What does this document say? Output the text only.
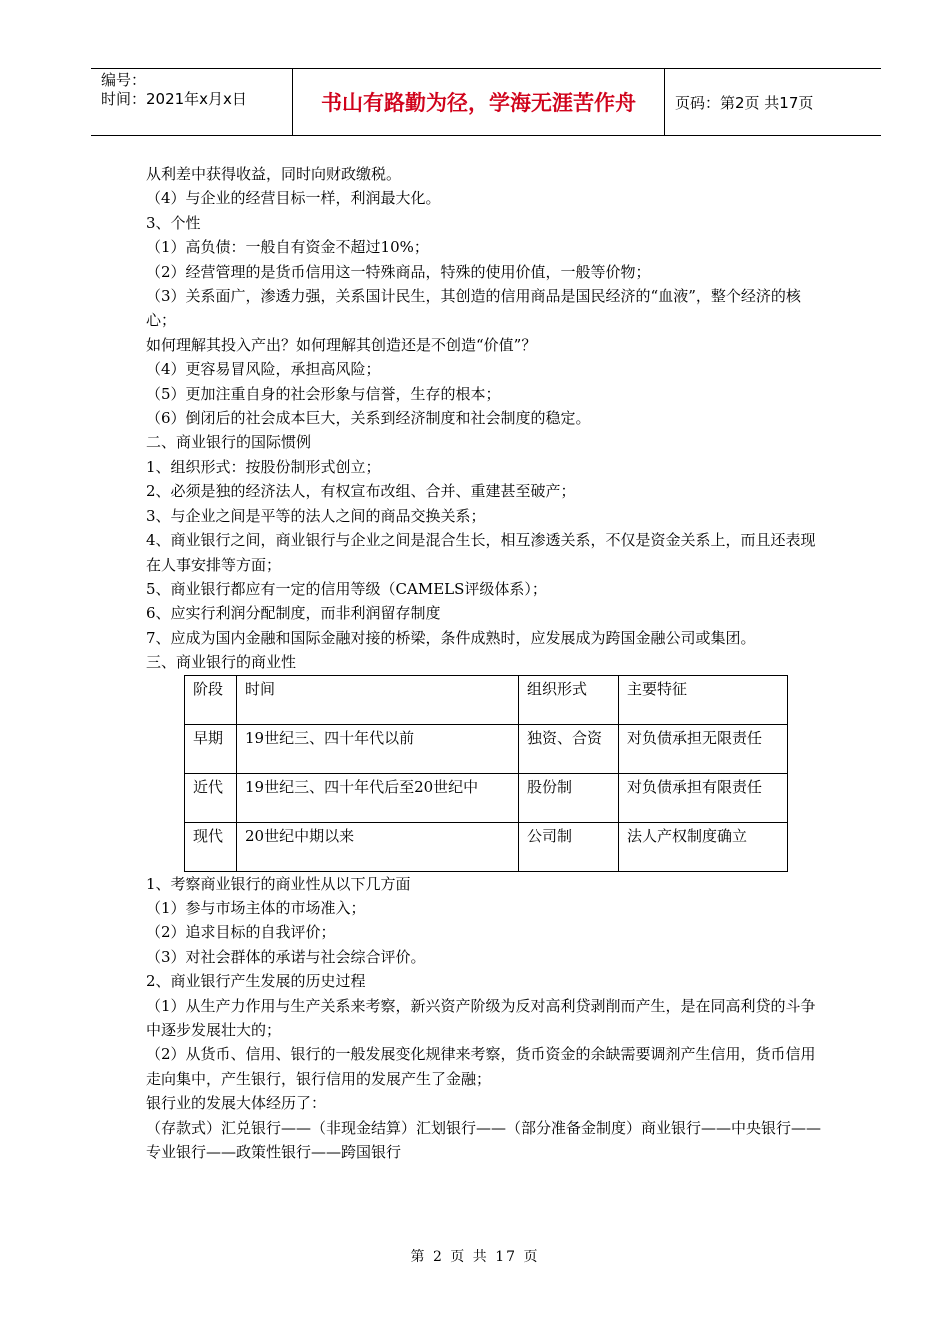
编号：
时间：2021年x月x日	书山有路勤为径，学海无涯苦作舟	页码：第2页 共17页

从利差中获得收益，同时向财政缴税。

（4）与企业的经营目标一样，利润最大化。

3、个性

（1）高负债：一般自有资金不超过10%；

（2）经营管理的是货币信用这一特殊商品，特殊的使用价值，一般等价物；

（3）关系面广，渗透力强，关系国计民生，其创造的信用商品是国民经济的“血液”，整个经济的核心；

如何理解其投入产出？如何理解其创造还是不创造“价值”？

（4）更容易冒风险，承担高风险；

（5）更加注重自身的社会形象与信誉，生存的根本；

（6）倒闭后的社会成本巨大，关系到经济制度和社会制度的稳定。

二、商业银行的国际惯例

1、组织形式：按股份制形式创立；

2、必须是独的经济法人，有权宣布改组、合并、重建甚至破产；

3、与企业之间是平等的法人之间的商品交换关系；

4、商业银行之间，商业银行与企业之间是混合生长，相互渗透关系，不仅是资金关系上，而且还表现在人事安排等方面；

5、商业银行都应有一定的信用等级（CAMELS评级体系）；

6、应实行利润分配制度，而非利润留存制度

7、应成为国内金融和国际金融对接的桥梁，条件成熟时，应发展成为跨国金融公司或集团。

三、商业银行的商业性

阶段	时间	组织形式	主要特征
早期	19世纪三、四十年代以前	独资、合资	对负债承担无限责任
近代	19世纪三、四十年代后至20世纪中	股份制	对负债承担有限责任
现代	20世纪中期以来	公司制	法人产权制度确立

1、考察商业银行的商业性从以下几方面

（1）参与市场主体的市场准入；

（2）追求目标的自我评价；

（3）对社会群体的承诺与社会综合评价。

2、商业银行产生发展的历史过程

（1）从生产力作用与生产关系来考察，新兴资产阶级为反对高利贷剥削而产生，是在同高利贷的斗争中逐步发展壮大的；

（2）从货币、信用、银行的一般发展变化规律来考察，货币资金的余缺需要调剂产生信用，货币信用走向集中，产生银行，银行信用的发展产生了金融；

银行业的发展大体经历了：

（存款式）汇兑银行——（非现金结算）汇划银行——（部分准备金制度）商业银行——中央银行——专业银行——政策性银行——跨国银行

第 2 页 共 17 页
